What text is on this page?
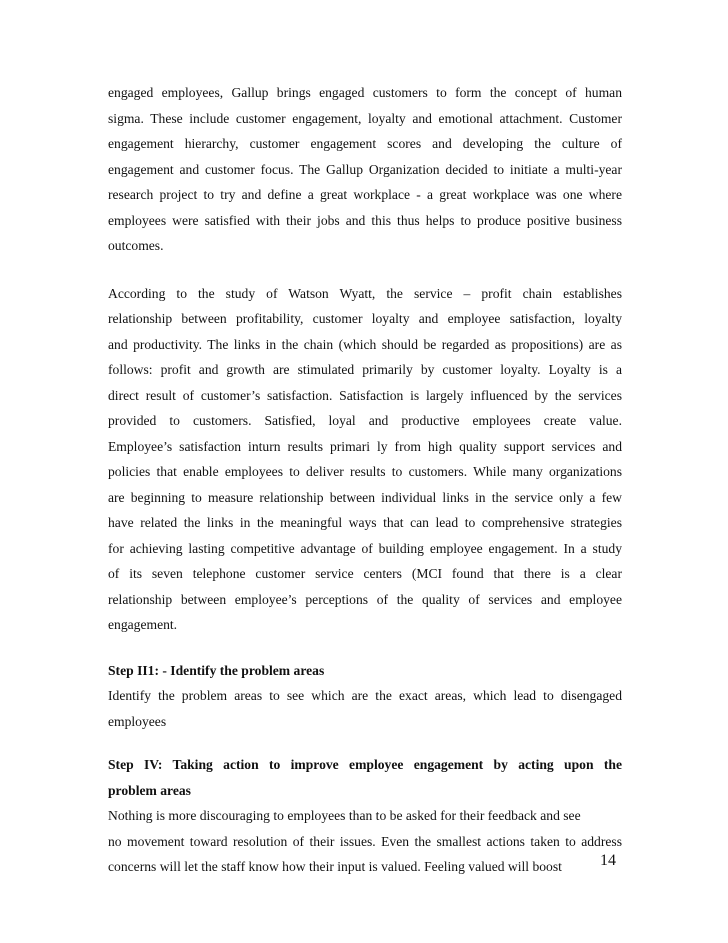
engaged employees, Gallup brings engaged customers to form the concept of human
sigma. These include customer engagement, loyalty and emotional attachment. Customer
engagement hierarchy, customer engagement scores and developing the culture of
engagement and customer focus. The Gallup Organization decided to initiate a multi-year
research project to try and define a great workplace - a great workplace was one where
employees were satisfied with their jobs and this thus helps to produce positive business
outcomes.

According to the study of Watson Wyatt, the service – profit chain establishes
relationship between profitability, customer loyalty and employee satisfaction, loyalty
and productivity. The links in the chain (which should be regarded as propositions) are as
follows: profit and growth are stimulated primarily by customer loyalty. Loyalty is a
direct result of customer’s satisfaction. Satisfaction is largely influenced by the services
provided to customers. Satisfied, loyal and productive employees create value.
Employee’s satisfaction inturn results primari ly from high quality support services and
policies that enable employees to deliver results to customers. While many organizations
are beginning to measure relationship between individual links in the service only a few
have related the links in the meaningful ways that can lead to comprehensive strategies
for achieving lasting competitive advantage of building employee engagement. In a study
of its seven telephone customer service centers (MCI found that there is a clear
relationship between employee’s perceptions of the quality of services and employee
engagement.

Step II1: - Identify the problem areas

Identify the problem areas to see which are the exact areas, which lead to disengaged
employees

Step IV: Taking action to improve employee engagement by acting upon the
problem areas

Nothing is more discouraging to employees than to be asked for their feedback and see
no movement toward resolution of their issues. Even the smallest actions taken to address
concerns will let the staff know how their input is valued. Feeling valued will boost	14
